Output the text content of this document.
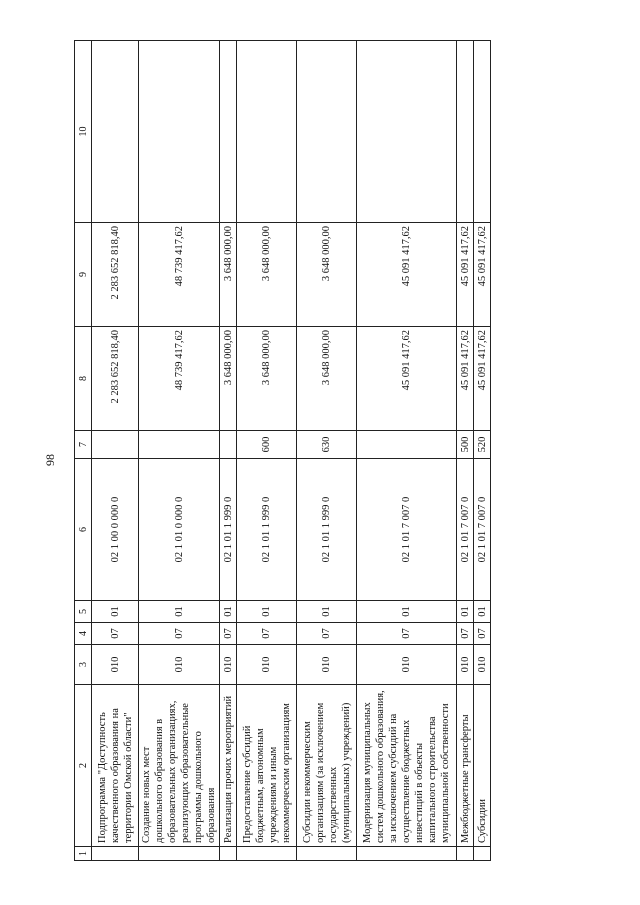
98
1	2	3	4	5	6	7	8	9	10
	Подпрограмма "Доступность качественного образования на территории Омской области"	010	07	01	02 1 00 0 000 0		2 283 652 818,40	2 283 652 818,40	
	Создание новых мест дошкольного образования в образовательных организациях, реализующих образовательные программы дошкольного образования	010	07	01	02 1 01 0 000 0		48 739 417,62	48 739 417,62	
	Реализация прочих мероприятий	010	07	01	02 1 01 1 999 0		3 648 000,00	3 648 000,00	
	Предоставление субсидий бюджетным, автономным учреждениям и иным некоммерческим организациям	010	07	01	02 1 01 1 999 0	600	3 648 000,00	3 648 000,00	
	Субсидии некоммерческим организациям (за исключением государственных (муниципальных) учреждений)	010	07	01	02 1 01 1 999 0	630	3 648 000,00	3 648 000,00	
	Модернизация муниципальных систем дошкольного образования, за исключением субсидий на осуществление бюджетных инвестиций в объекты капитального строительства муниципальной собственности	010	07	01	02 1 01 7 007 0		45 091 417,62	45 091 417,62	
	Межбюджетные трансферты	010	07	01	02 1 01 7 007 0	500	45 091 417,62	45 091 417,62	
	Субсидии	010	07	01	02 1 01 7 007 0	520	45 091 417,62	45 091 417,62	
